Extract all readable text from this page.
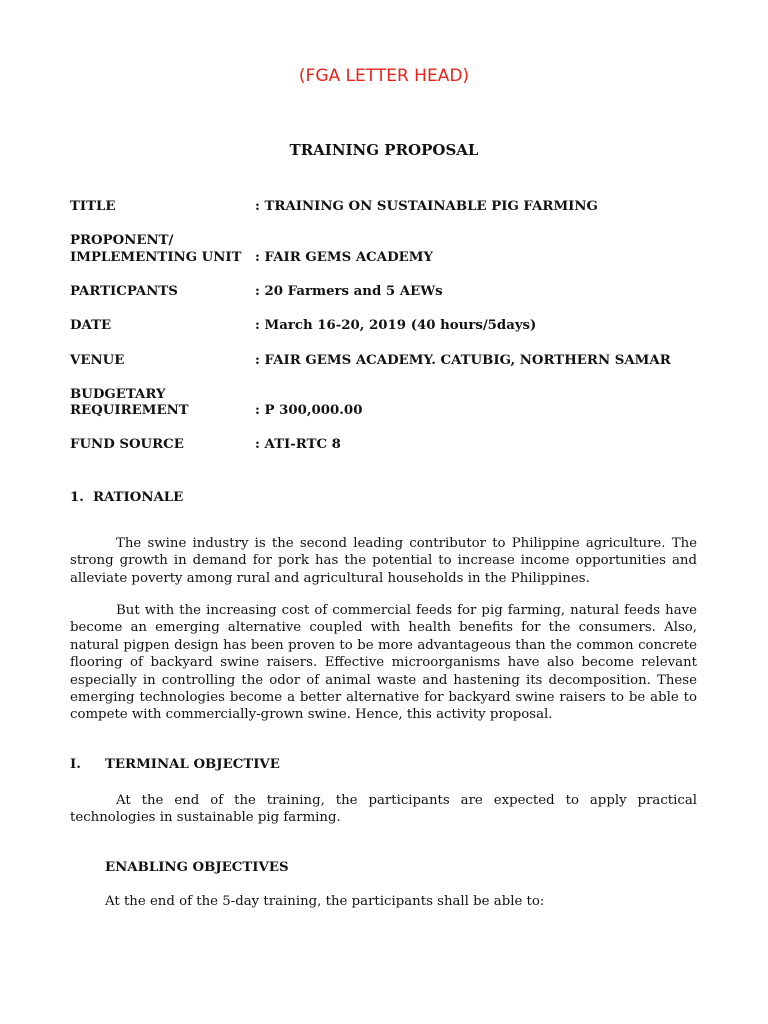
(FGA LETTER HEAD)
TRAINING PROPOSAL
TITLE	: TRAINING ON SUSTAINABLE PIG FARMING
PROPONENT/
IMPLEMENTING UNIT : FAIR GEMS ACADEMY
PARTICPANTS	: 20 Farmers and 5 AEWs
DATE	: March 16-20, 2019 (40 hours/5days)
VENUE	: FAIR GEMS ACADEMY. CATUBIG, NORTHERN SAMAR
BUDGETARY
REQUIREMENT	: P 300,000.00
FUND SOURCE	: ATI-RTC 8
1. RATIONALE

The swine industry is the second leading contributor to Philippine agriculture. The strong growth in demand for pork has the potential to increase income opportunities and alleviate poverty among rural and agricultural households in the Philippines.

But with the increasing cost of commercial feeds for pig farming, natural feeds have become an emerging alternative coupled with health benefits for the consumers. Also, natural pigpen design has been proven to be more advantageous than the common concrete flooring of backyard swine raisers. Effective microorganisms have also become relevant especially in controlling the odor of animal waste and hastening its decomposition. These emerging technologies become a better alternative for backyard swine raisers to be able to compete with commercially-grown swine. Hence, this activity proposal.

I. TERMINAL OBJECTIVE

At the end of the training, the participants are expected to apply practical technologies in sustainable pig farming.

ENABLING OBJECTIVES

At the end of the 5-day training, the participants shall be able to:
